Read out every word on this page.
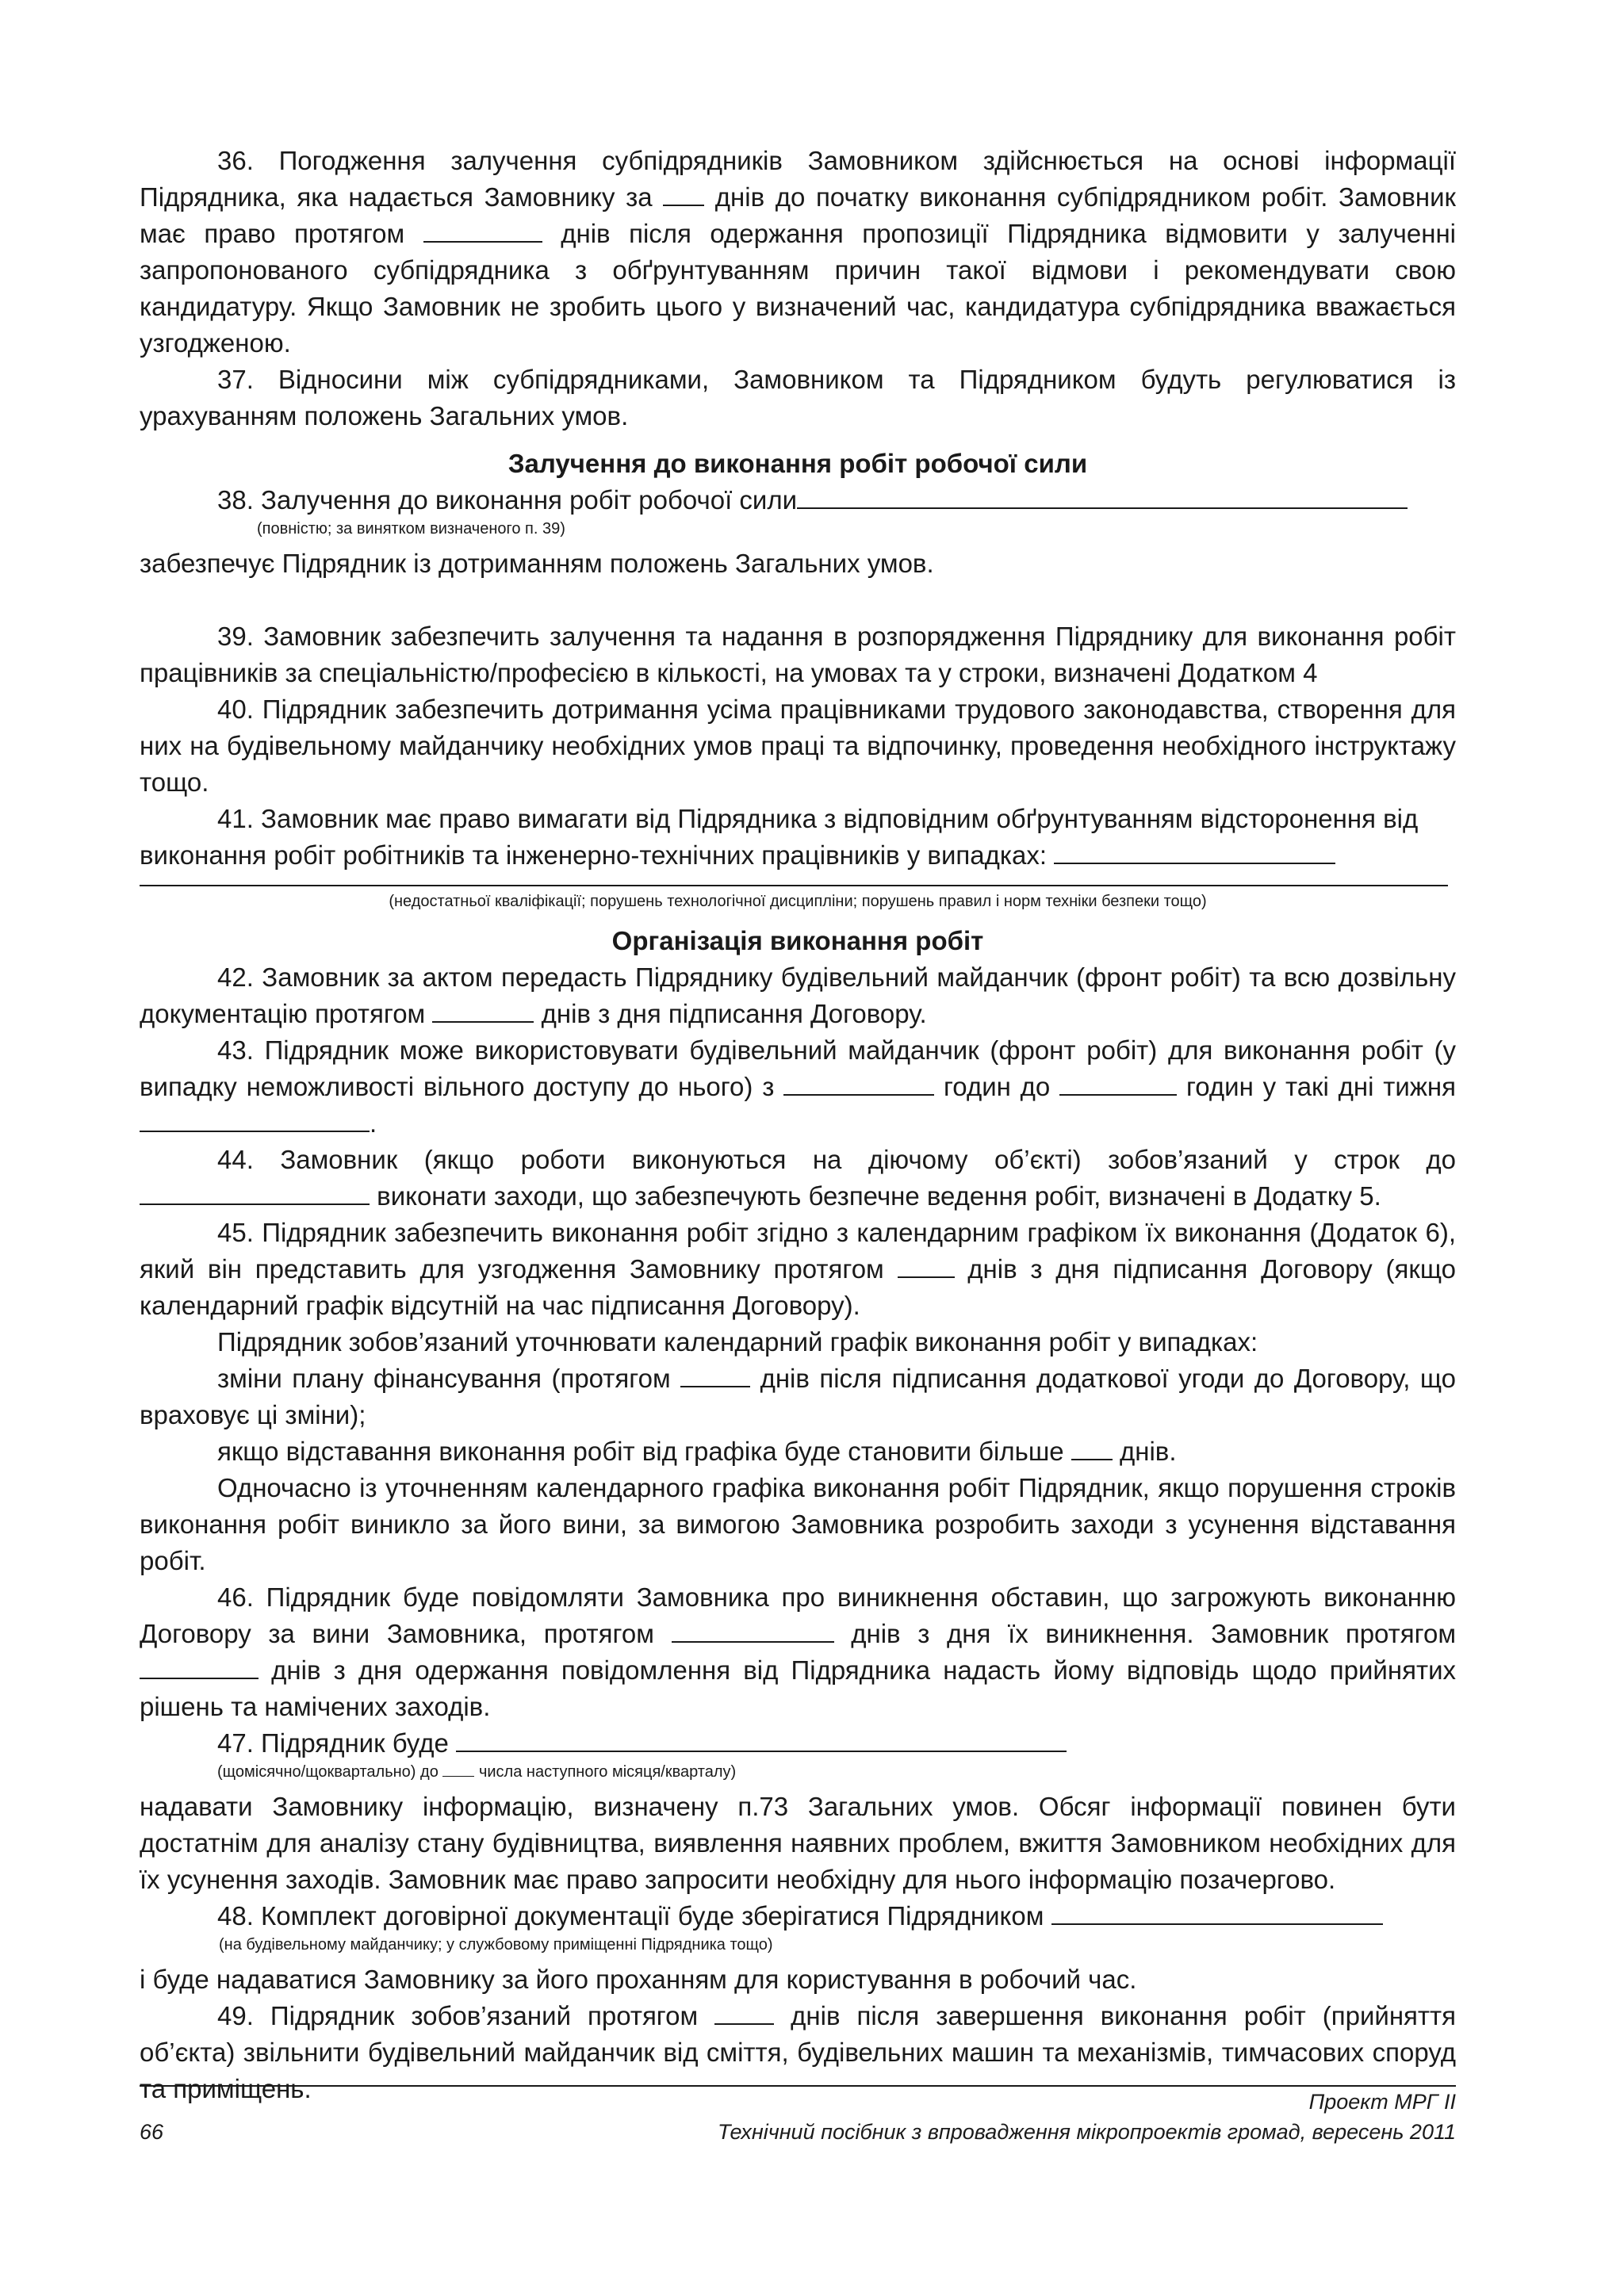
36. Погодження залучення субпідрядників Замовником здійснюється на основі інформації Підрядника, яка надається Замовнику за днів до початку виконання субпідрядником робіт. Замовник має право протягом	днів після одержання пропозиції Підрядника відмовити у залученні запропонованого субпідрядника з обґрунтуванням причин такої відмови і рекомендувати свою кандидатуру. Якщо Замовник не зробить цього у визначений час, кандидатура субпідрядника вважається узгодженою.

37. Відносини між субпідрядниками, Замовником та Підрядником будуть регулюватися із урахуванням положень Загальних умов.

Залучення до виконання робіт робочої сили

38. Залучення до виконання робіт робочої сили

(повністю; за винятком визначеного п. 39)

забезпечує Підрядник із дотриманням положень Загальних умов.

39. Замовник забезпечить залучення та надання в розпорядження Підряднику для виконання робіт працівників за спеціальністю/професією в кількості, на умовах та у строки, визначені Додатком 4

40. Підрядник забезпечить дотримання усіма працівниками трудового законодавства, створення для них на будівельному майданчику необхідних умов праці та відпочинку, проведення необхідного інструктажу тощо.

41. Замовник має право вимагати від Підрядника з відповідним обґрунтуванням відсторонення від виконання робіт робітників та інженерно-технічних працівників у випадках:

(недостатньої кваліфікації; порушень технологічної дисципліни; порушень правил і норм техніки безпеки тощо)

Організація виконання робіт

42. Замовник за актом передасть Підряднику будівельний майданчик (фронт робіт) та всю дозвільну документацію протягом	днів з дня підписання Договору.

43. Підрядник може використовувати будівельний майданчик (фронт робіт) для виконання робіт (у випадку неможливості вільного доступу до нього) з	годин до	годин у такі дні тижня .

44. Замовник (якщо роботи виконуються на діючому об’єкті) зобов’язаний у строк до  виконати заходи, що забезпечують безпечне ведення робіт, визначені в Додатку 5.

45. Підрядник забезпечить виконання робіт згідно з календарним графіком їх виконання (Додаток 6), який він представить для узгодження Замовнику протягом	днів з дня підписання Договору (якщо календарний графік відсутній на час підписання Договору).

Підрядник зобов’язаний уточнювати календарний графік виконання робіт у випадках:

зміни плану фінансування (протягом	днів після підписання додаткової угоди до Договору, що враховує ці зміни);

якщо відставання виконання робіт від графіка буде становити більше днів.

Одночасно із уточненням календарного графіка виконання робіт Підрядник, якщо порушення строків виконання робіт виникло за його вини, за вимогою Замовника розробить заходи з усунення відставання робіт.

46. Підрядник буде повідомляти Замовника про виникнення обставин, що загрожують виконанню Договору за вини Замовника, протягом	днів з дня їх виникнення. Замовник протягом  днів з дня одержання повідомлення від Підрядника надасть йому відповідь щодо прийнятих рішень та намічених заходів.

47. Підрядник буде

(щомісячно/щоквартально) до	числа наступного місяця/кварталу)

надавати Замовнику інформацію, визначену п.73 Загальних умов. Обсяг інформації повинен бути достатнім для аналізу стану будівництва, виявлення наявних проблем, вжиття Замовником необхідних для їх усунення заходів. Замовник має право запросити необхідну для нього інформацію позачергово.

48. Комплект договірної документації буде зберігатися Підрядником

(на будівельному майданчику; у службовому приміщенні Підрядника тощо)

і буде надаватися Замовнику за його проханням для користування в робочий час.

49. Підрядник зобов’язаний протягом	днів після завершення виконання робіт (прийняття об’єкта) звільнити будівельний майданчик від сміття, будівельних машин та механізмів, тимчасових споруд та приміщень.	Проект МРГ ІІ
66	Технічний посібник з впровадження мікропроектів громад, вересень 2011
